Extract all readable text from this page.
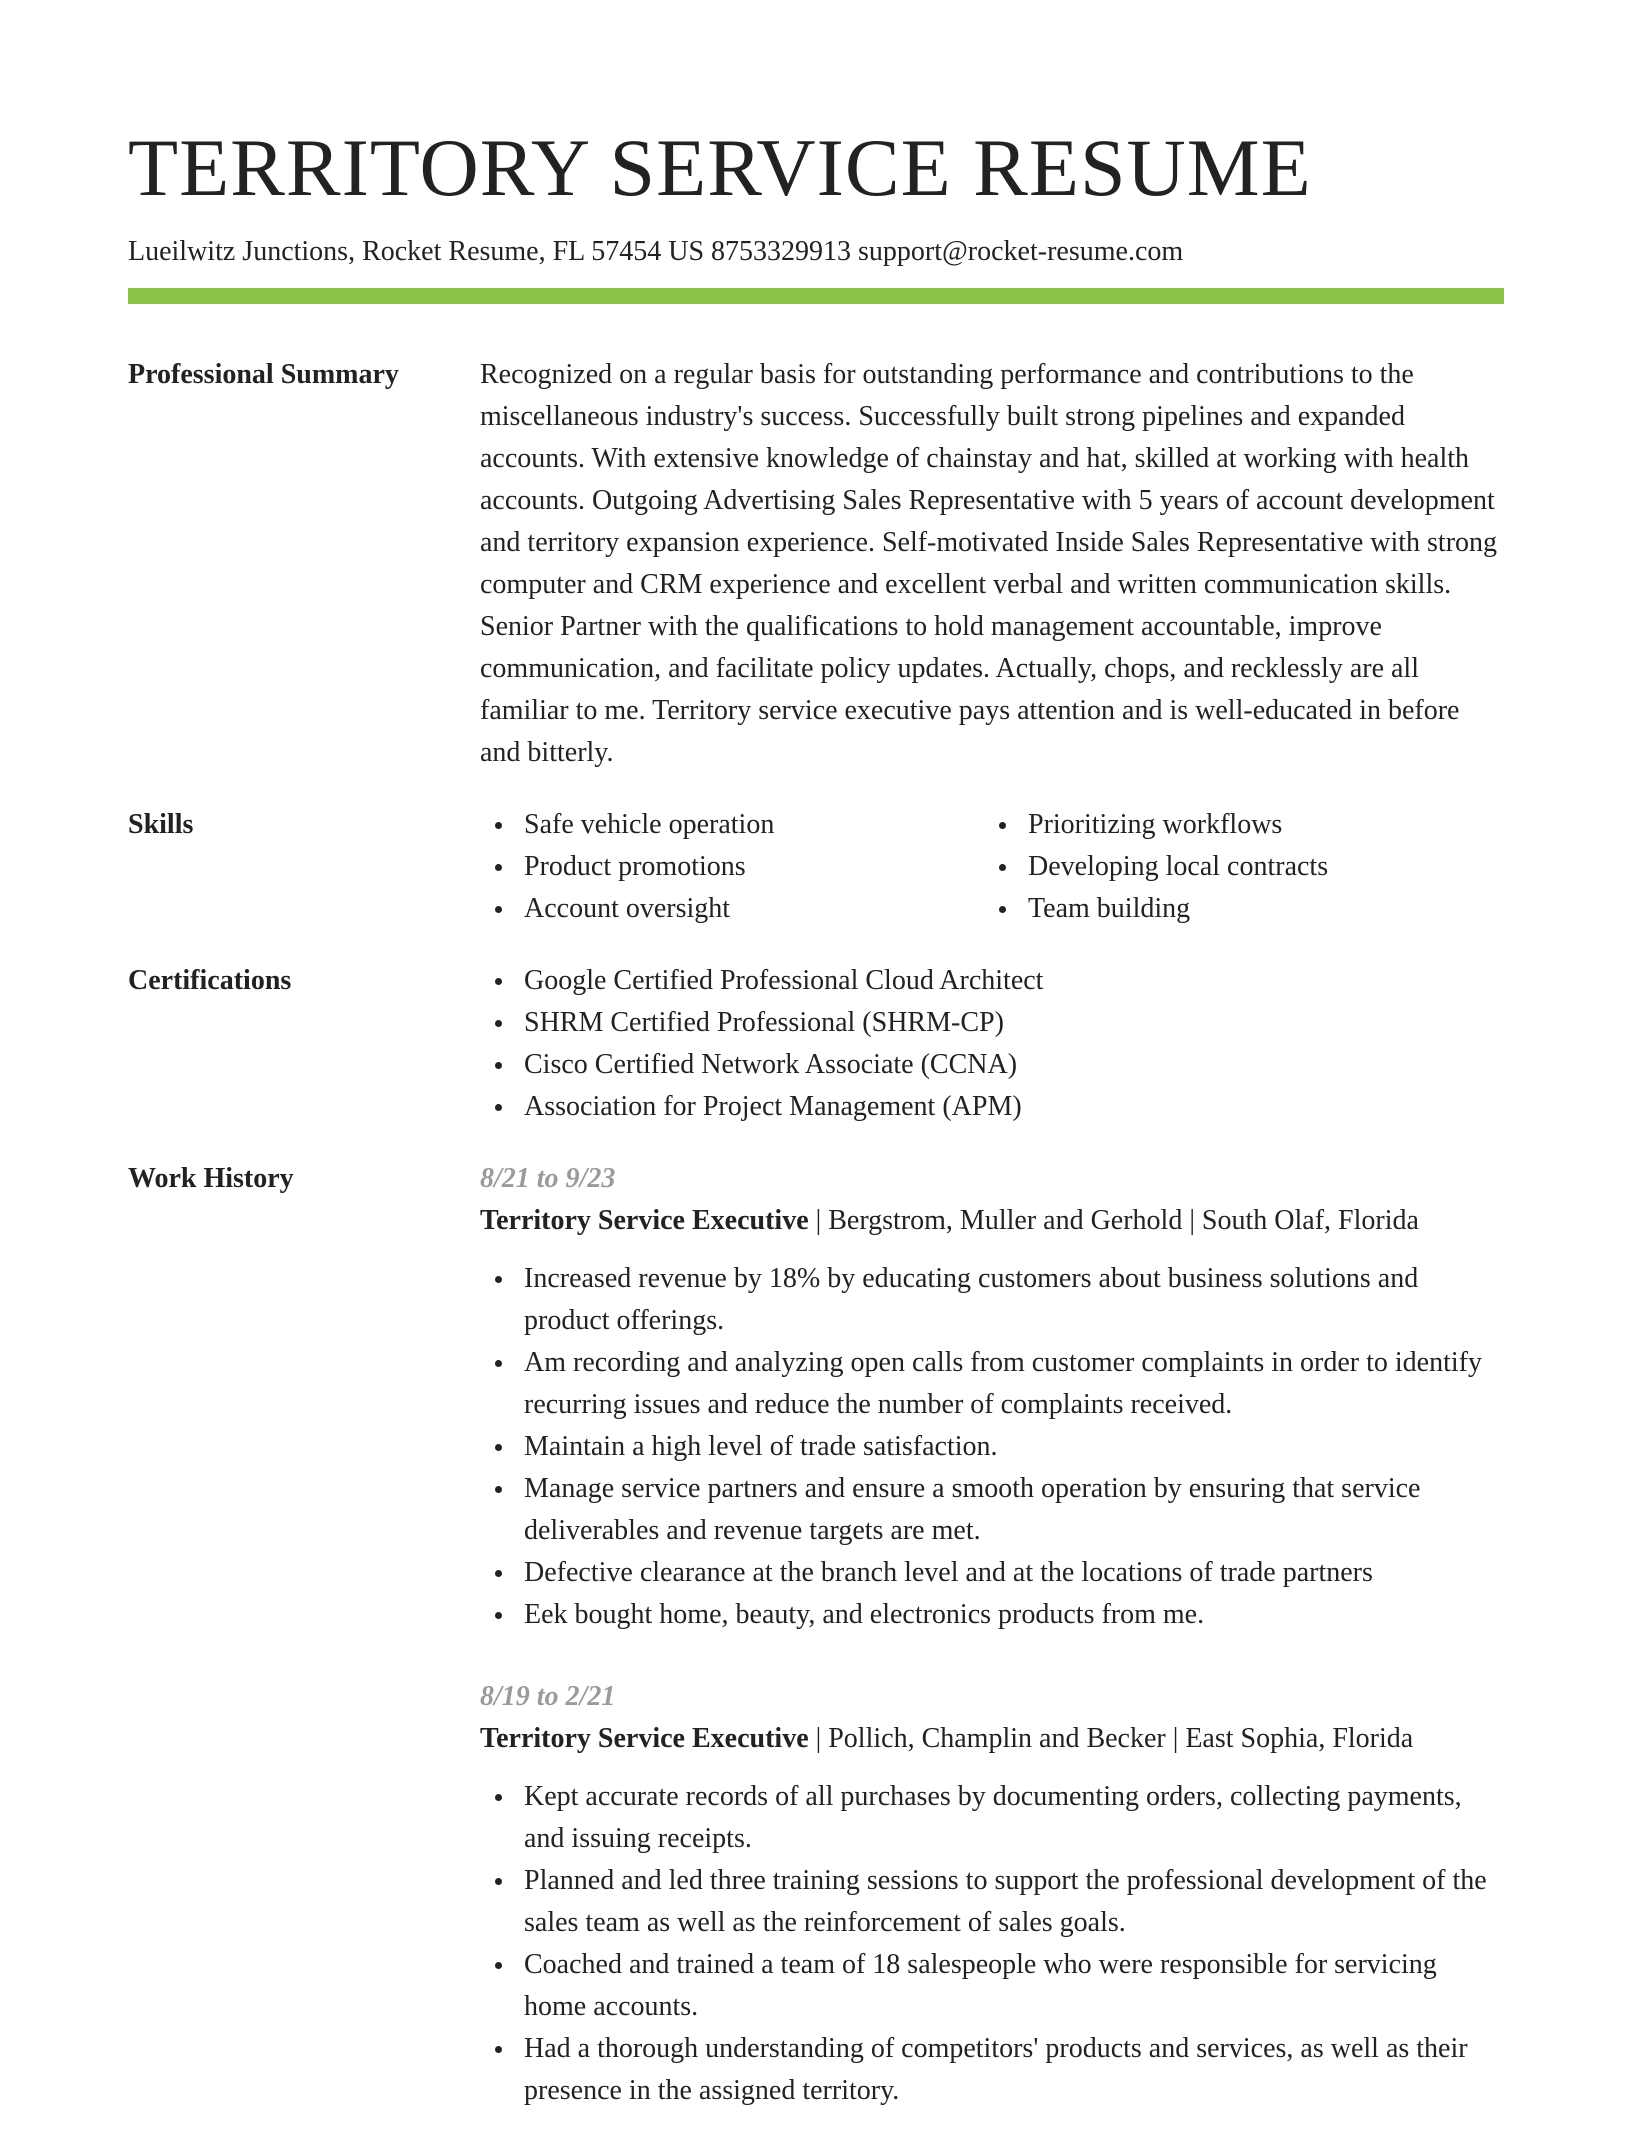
TERRITORY SERVICE RESUME
Lueilwitz Junctions, Rocket Resume, FL 57454 US 8753329913 support@rocket-resume.com
Professional Summary	Recognized on a regular basis for outstanding performance and contributions to the miscellaneous industry's success. Successfully built strong pipelines and expanded accounts. With extensive knowledge of chainstay and hat, skilled at working with health accounts. Outgoing Advertising Sales Representative with 5 years of account development and territory expansion experience. Self-motivated Inside Sales Representative with strong computer and CRM experience and excellent verbal and written communication skills. Senior Partner with the qualifications to hold management accountable, improve communication, and facilitate policy updates. Actually, chops, and recklessly are all familiar to me. Territory service executive pays attention and is well-educated in before and bitterly.

Skills	Safe vehicle operation
Product promotions
Account oversight
Prioritizing workflows
Developing local contracts
Team building
Certifications	Google Certified Professional Cloud Architect
SHRM Certified Professional (SHRM-CP)
Cisco Certified Network Associate (CCNA)
Association for Project Management (APM)
Work History	8/21 to 9/23
Territory Service Executive | Bergstrom, Muller and Gerhold | South Olaf, Florida
Increased revenue by 18% by educating customers about business solutions and product offerings.
Am recording and analyzing open calls from customer complaints in order to identify recurring issues and reduce the number of complaints received.
Maintain a high level of trade satisfaction.
Manage service partners and ensure a smooth operation by ensuring that service deliverables and revenue targets are met.
Defective clearance at the branch level and at the locations of trade partners
Eek bought home, beauty, and electronics products from me.
8/19 to 2/21
Territory Service Executive | Pollich, Champlin and Becker | East Sophia, Florida
Kept accurate records of all purchases by documenting orders, collecting payments, and issuing receipts.
Planned and led three training sessions to support the professional development of the sales team as well as the reinforcement of sales goals.
Coached and trained a team of 18 salespeople who were responsible for servicing home accounts.
Had a thorough understanding of competitors' products and services, as well as their presence in the assigned territory.
